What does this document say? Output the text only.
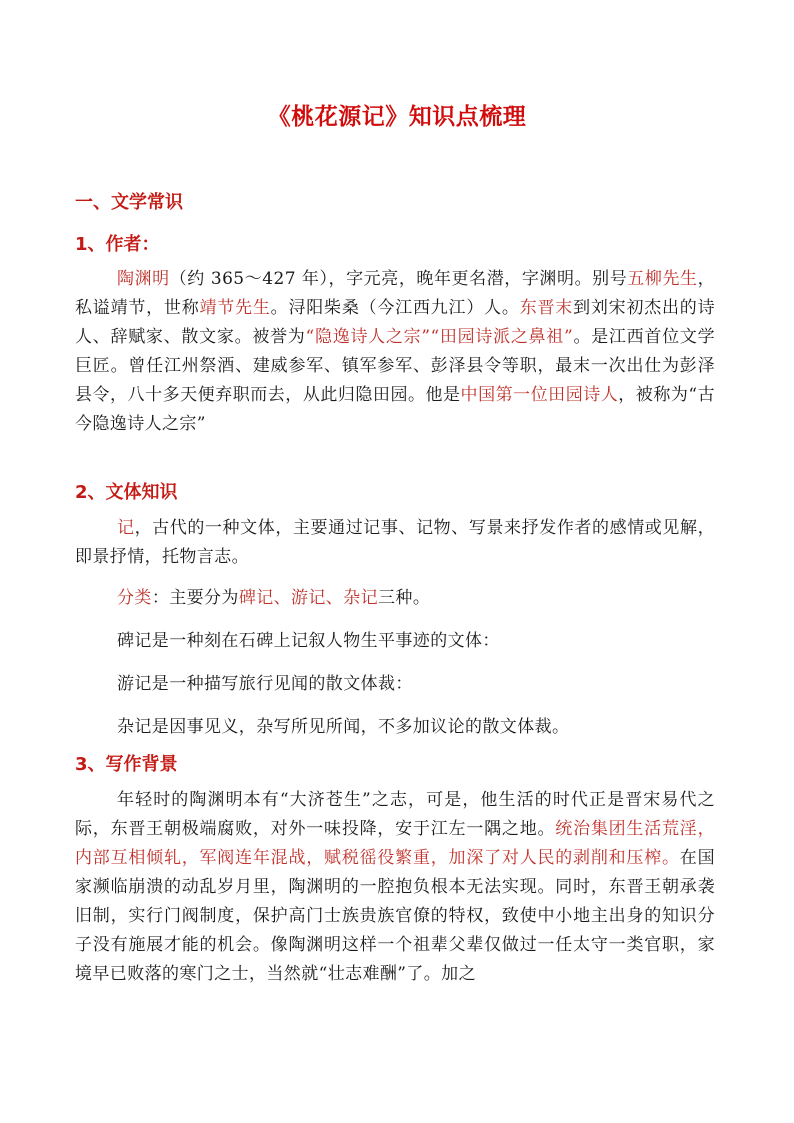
《桃花源记》知识点梳理
一、文学常识
1、作者：
陶渊明（约 365～427 年），字元亮，晚年更名潜，字渊明。别号五柳先生，私谥靖节，世称靖节先生。浔阳柴桑（今江西九江）人。东晋末到刘宋初杰出的诗人、辞赋家、散文家。被誉为“隐逸诗人之宗”“田园诗派之鼻祖”。是江西首位文学巨匠。曾任江州祭酒、建威参军、镇军参军、彭泽县令等职，最末一次出仕为彭泽县令，八十多天便弃职而去，从此归隐田园。他是中国第一位田园诗人，被称为“古今隐逸诗人之宗”
2、文体知识
记，古代的一种文体，主要通过记事、记物、写景来抒发作者的感情或见解，即景抒情，托物言志。
分类：主要分为碑记、游记、杂记三种。
碑记是一种刻在石碑上记叙人物生平事迹的文体：
游记是一种描写旅行见闻的散文体裁：
杂记是因事见义，杂写所见所闻，不多加议论的散文体裁。
3、写作背景
年轻时的陶渊明本有“大济苍生”之志，可是，他生活的时代正是晋宋易代之际，东晋王朝极端腐败，对外一味投降，安于江左一隅之地。统治集团生活荒淫，内部互相倾轧，军阀连年混战，赋税徭役繁重，加深了对人民的剥削和压榨。在国家濒临崩溃的动乱岁月里，陶渊明的一腔抱负根本无法实现。同时，东晋王朝承袭旧制，实行门阀制度，保护高门士族贵族官僚的特权，致使中小地主出身的知识分子没有施展才能的机会。像陶渊明这样一个祖辈父辈仅做过一任太守一类官职，家境早已败落的寒门之士，当然就“壮志难酬”了。加之
